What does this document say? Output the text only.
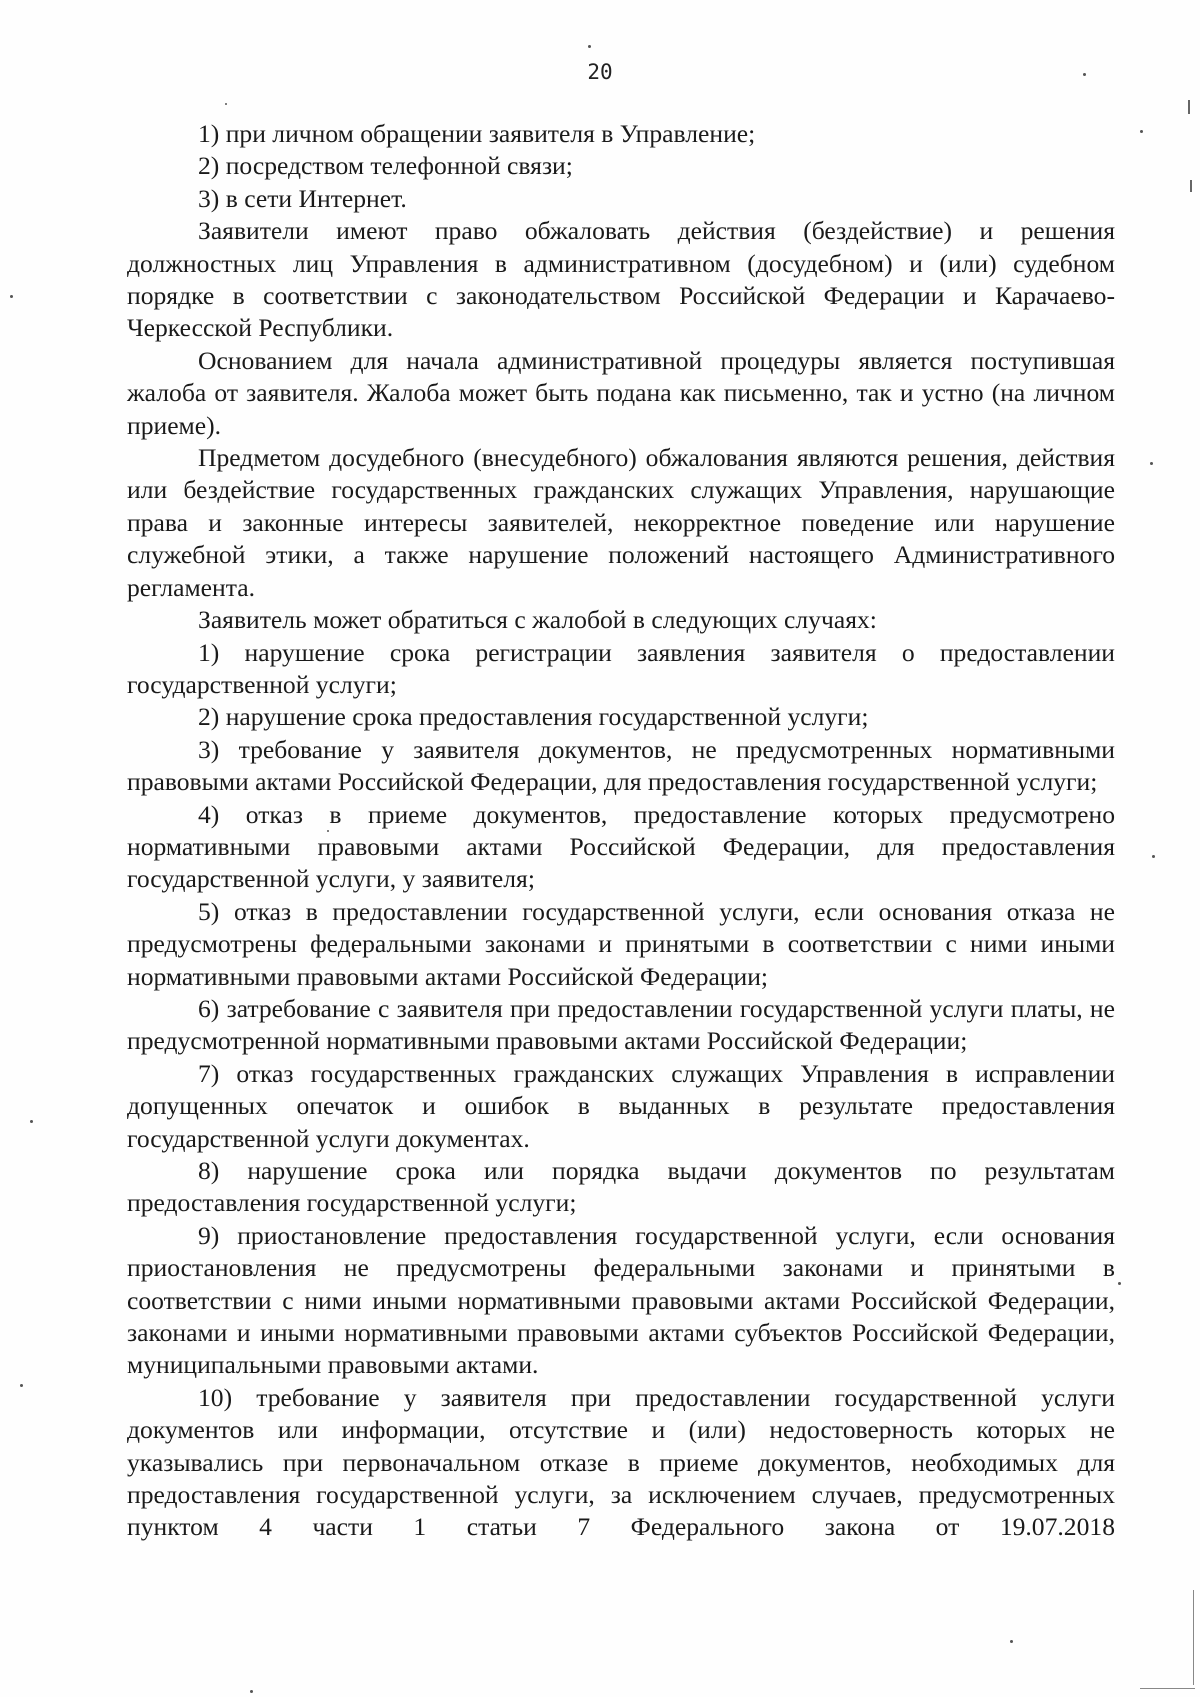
20

1) при личном обращении заявителя в Управление;

2) посредством телефонной связи;

3) в сети Интернет.

Заявители имеют право обжаловать действия (бездействие) и решения должностных лиц Управления в административном (досудебном) и (или) судебном порядке в соответствии с законодательством Российской Федерации и Карачаево-Черкесской Республики.

Основанием для начала административной процедуры является поступившая жалоба от заявителя. Жалоба может быть подана как письменно, так и устно (на личном приеме).

Предметом досудебного (внесудебного) обжалования являются решения, действия или бездействие государственных гражданских служащих Управления, нарушающие права и законные интересы заявителей, некорректное поведение или нарушение служебной этики, а также нарушение положений настоящего Административного регламента.

Заявитель может обратиться с жалобой в следующих случаях:

1) нарушение срока регистрации заявления заявителя о предоставлении государственной услуги;

2) нарушение срока предоставления государственной услуги;

3) требование у заявителя документов, не предусмотренных нормативными правовыми актами Российской Федерации, для предоставления государственной услуги;

4) отказ в приеме документов, предоставление которых предусмотрено нормативными правовыми актами Российской Федерации, для предоставления государственной услуги, у заявителя;

5) отказ в предоставлении государственной услуги, если основания отказа не предусмотрены федеральными законами и принятыми в соответствии с ними иными нормативными правовыми актами Российской Федерации;

6) затребование с заявителя при предоставлении государственной услуги платы, не предусмотренной нормативными правовыми актами Российской Федерации;

7) отказ государственных гражданских служащих Управления в исправлении допущенных опечаток и ошибок в выданных в результате предоставления государственной услуги документах.

8) нарушение срока или порядка выдачи документов по результатам предоставления государственной услуги;

9) приостановление предоставления государственной услуги, если основания приостановления не предусмотрены федеральными законами и принятыми в соответствии с ними иными нормативными правовыми актами Российской Федерации, законами и иными нормативными правовыми актами субъектов Российской Федерации, муниципальными правовыми актами.

10) требование у заявителя при предоставлении государственной услуги документов или информации, отсутствие и (или) недостоверность которых не указывались при первоначальном отказе в приеме документов, необходимых для предоставления государственной услуги, за исключением случаев, предусмотренных пунктом 4 части 1 статьи 7 Федерального закона от 19.07.2018
